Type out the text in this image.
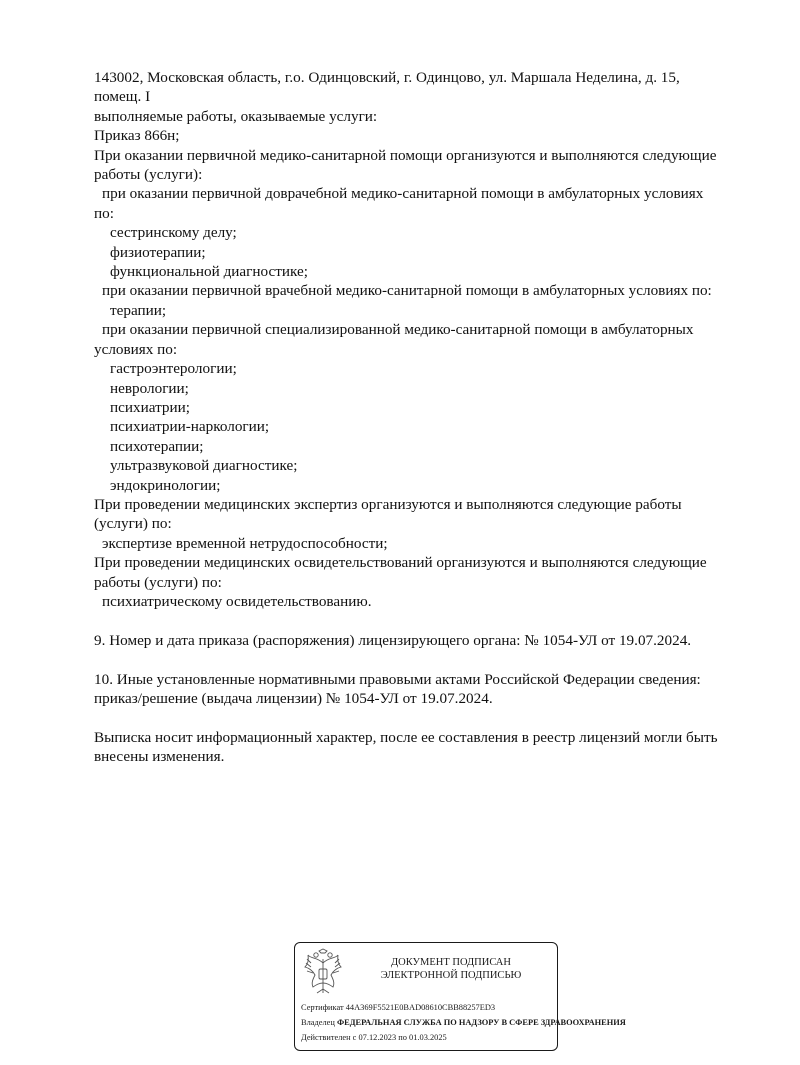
143002, Московская область, г.о. Одинцовский, г. Одинцово, ул. Маршала Неделина, д. 15,
помещ. I
выполняемые работы, оказываемые услуги:
Приказ 866н;
При оказании первичной медико-санитарной помощи организуются и выполняются следующие
работы (услуги):
при оказании первичной доврачебной медико-санитарной помощи в амбулаторных условиях
по:
сестринскому делу;
физиотерапии;
функциональной диагностике;
при оказании первичной врачебной медико-санитарной помощи в амбулаторных условиях по:
терапии;
при оказании первичной специализированной медико-санитарной помощи в амбулаторных
условиях по:
гастроэнтерологии;
неврологии;
психиатрии;
психиатрии-наркологии;
психотерапии;
ультразвуковой диагностике;
эндокринологии;
При проведении медицинских экспертиз организуются и выполняются следующие работы
(услуги) по:
экспертизе временной нетрудоспособности;
При проведении медицинских освидетельствований организуются и выполняются следующие
работы (услуги) по:
психиатрическому освидетельствованию.
9. Номер и дата приказа (распоряжения) лицензирующего органа: № 1054-УЛ от 19.07.2024.
10. Иные установленные нормативными правовыми актами Российской Федерации сведения:
приказ/решение (выдача лицензии) № 1054-УЛ от 19.07.2024.
Выписка носит информационный характер, после ее составления в реестр лицензий могли быть
внесены изменения.
ДОКУМЕНТ ПОДПИСАН
ЭЛЕКТРОННОЙ ПОДПИСЬЮ
Сертификат 44A369F5521E0BAD08610CBB88257ED3
Владелец ФЕДЕРАЛЬНАЯ СЛУЖБА ПО НАДЗОРУ В СФЕРЕ ЗДРАВООХРАНЕНИЯ
Действителен с 07.12.2023 по 01.03.2025
